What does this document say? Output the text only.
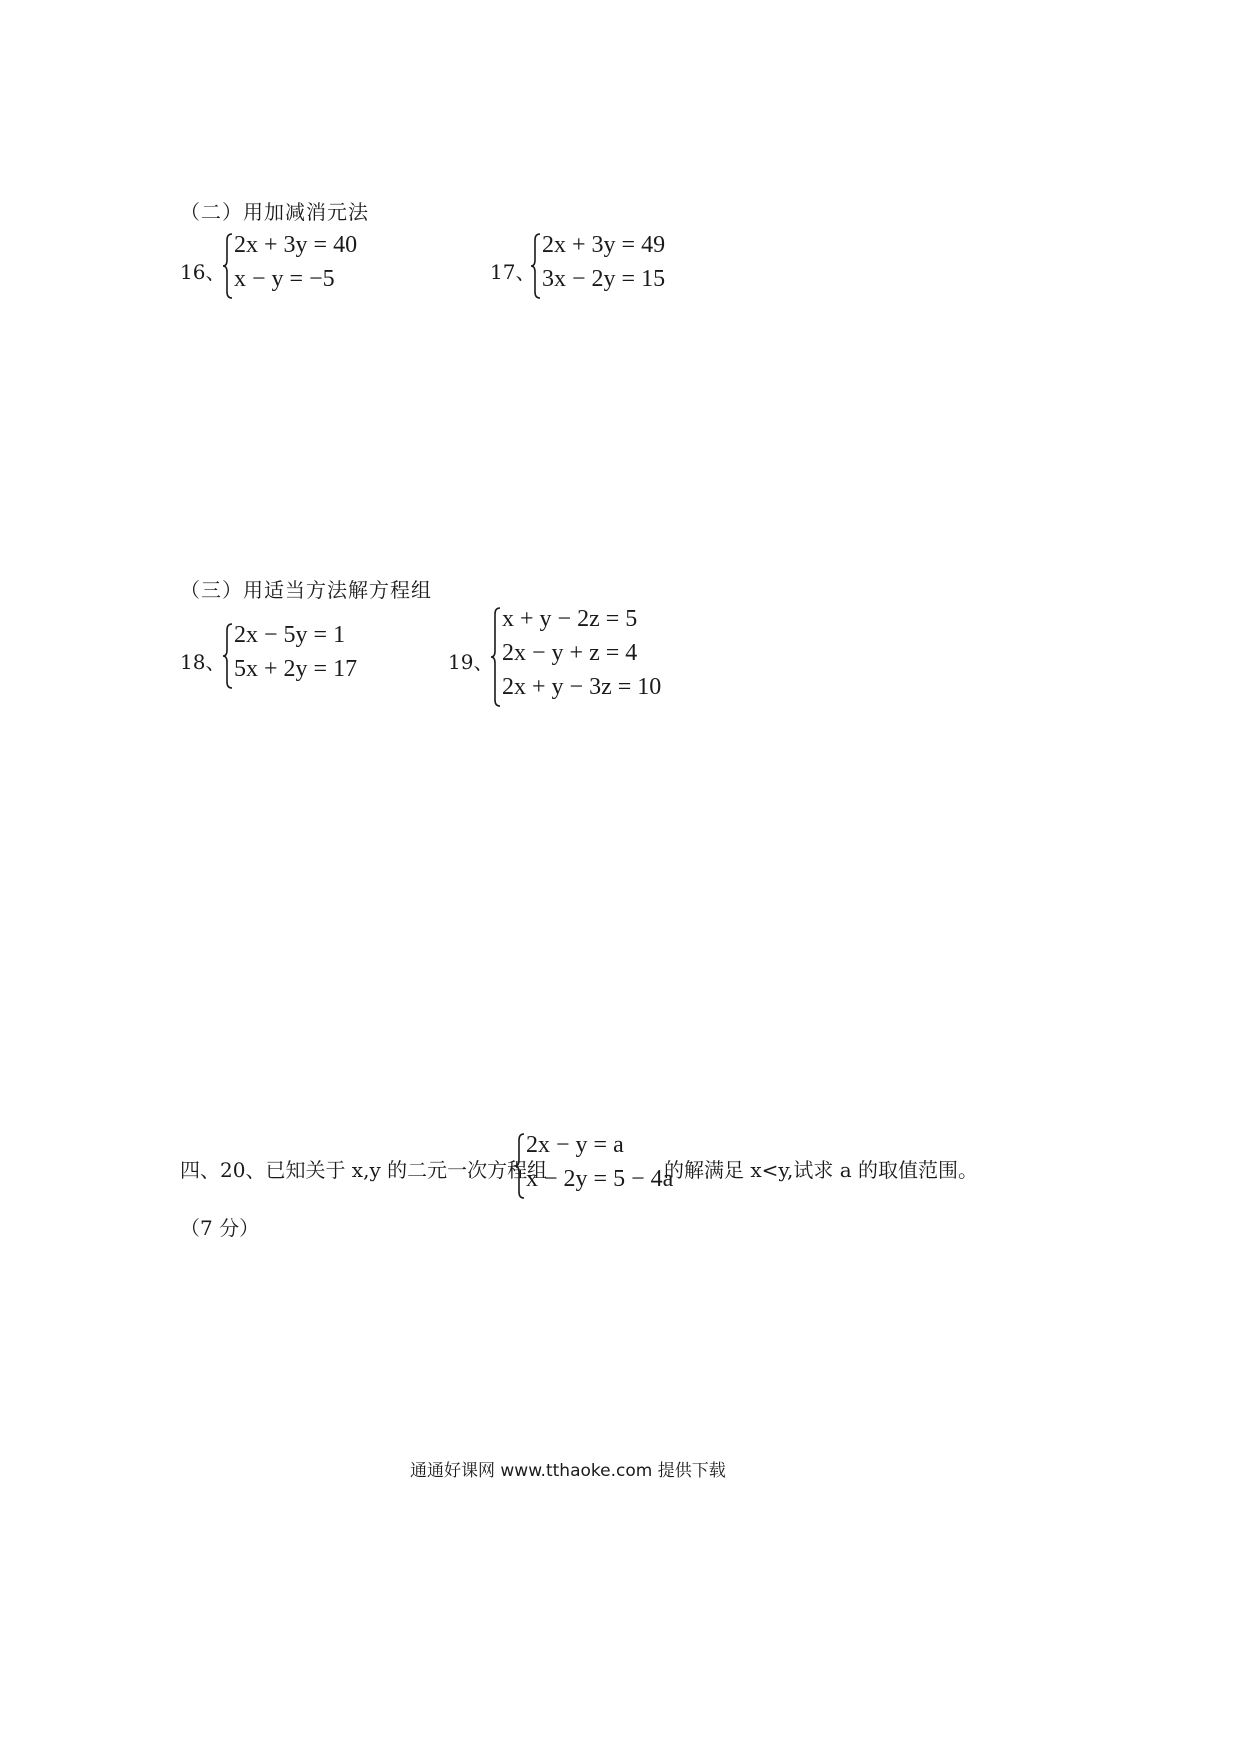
（二）用加减消元法
16、
2x + 3y = 40
x − y = −5	17、
2x + 3y = 49
3x − 2y = 15
（三）用适当方法解方程组
18、
2x − 5y = 1
5x + 2y = 17	19、
x + y − 2z = 5
2x − y + z = 4
2x + y − 3z = 10
四、20、已知关于 x,y 的二元一次方程组
2x − y = a
x − 2y = 5 − 4a
的解满足 x<y,试求 a 的取值范围。
（7 分）
通通好课网 www.tthaoke.com 提供下载
